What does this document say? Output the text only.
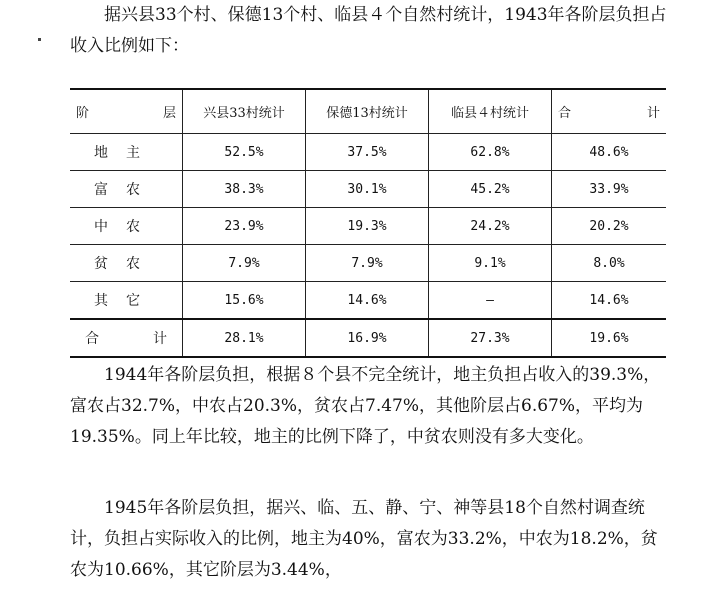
据兴县33个村、保德13个村、临县４个自然村统计，1943年各阶层负担占收入比例如下：
阶 层	兴县33村统计	保德13村统计	临县４村统计	合 计

地主	52.5%	37.5%	62.8%	48.6%
富农	38.3%	30.1%	45.2%	33.9%
中农	23.9%	19.3%	24.2%	20.2%
贫农	7.9%	7.9%	9.1%	8.0%
其它	15.6%	14.6%	—	14.6%

合 计	28.1%	16.9%	27.3%	19.6%
1944年各阶层负担，根据８个县不完全统计，地主负担占收入的39.3%，富农占32.7%，中农占20.3%，贫农占7.47%，其他阶层占6.67%，平均为19.35%。同上年比较，地主的比例下降了，中贫农则没有多大变化。
1945年各阶层负担，据兴、临、五、静、宁、神等县18个自然村调查统计，负担占实际收入的比例，地主为40%，富农为33.2%，中农为18.2%，贫农为10.66%，其它阶层为3.44%，
